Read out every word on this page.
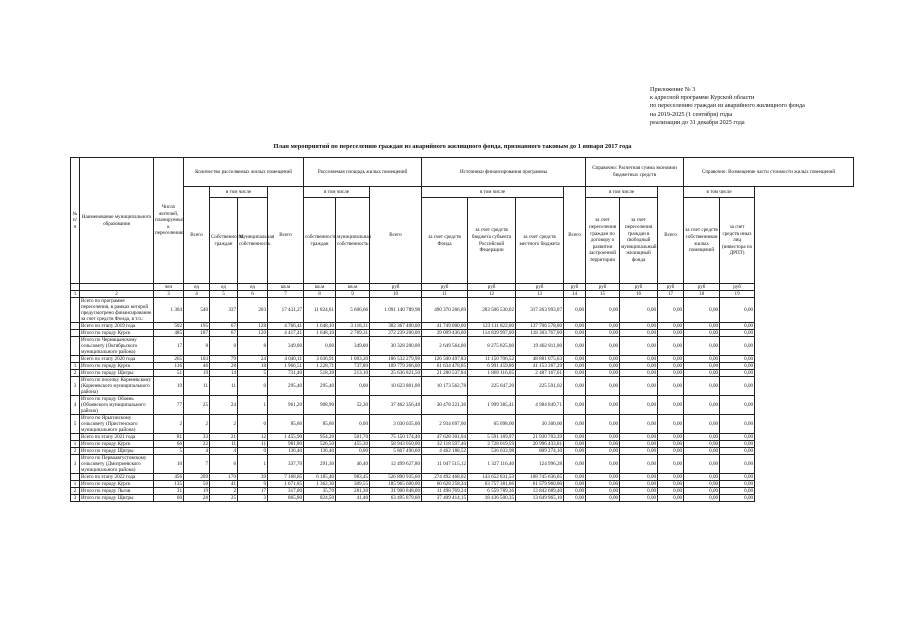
Приложение № 3
к адресной программе Курской области
по переселению граждан из аварийного жилищного фонда
на 2019-2025 (1 сентября) годы
реализации до 31 декабря 2025 года
План мероприятий по переселению граждан из аварийного жилищного фонда, признанного таковым до 1 января 2017 года
№ п/п	Наименование муниципального образования	Число жителей, планируемых к переселению	Количество расселяемых жилых помещений				Расселяемая площадь жилых помещений			Источники финансирования программы				Справочно: Расчетная сумма экономии бюджетных средств			Справочно: Возмещение части стоимости жилых помещений	
			Всего	в том числе		Всего	в том числе		Всего	в том числе			Всего	в том числе		Всего	в том числе	
				Собственность граждан	Муниципальная собственность		собственность граждан	муниципальная собственность		за счет средств Фонда	за счет средств бюджета субъекта Российской Федерации	за счет средств местного бюджета		за счет переселения граждан по договору о развитии застроенной территории	за счет переселения граждан в свободный муниципальный жилищный фонда		за счет средств собственников жилых помещений	за счет средств иных лиц (инвестора по ДРПТ)
		чел	ед	ед	ед	кв.м	кв.м	кв.м	руб	руб	руб	руб	руб	руб	руб	руб	руб	руб
1	2	3	4	5	6	7	8	9	10	11	12	13	14	15	16	17	18	19
	Всего по программе переселения, в рамках которой предусмотрено финансирование за счет средств Фонда, в т.ч.:	1 304	540	337	203	17 431,27	11 824,61	5 606,66	1 091 140 789,98	490 370 266,89	283 506 530,02	317 263 993,07	0,00	0,00	0,00	0,00	0,00	0,00
	Всего по этапу 2019 года	502	195	67	128	4 766,41	1 648,10	3 118,31	302 367 400,00	41 749 000,00	123 111 822,00	137 706 578,00	0,00	0,00	0,00	0,00	0,00	0,00
	Итого по городу Курск	485	187	67	120	4 417,41	1 648,10	2 769,31	272 239 200,00	39 099 436,00	114 839 997,00	118 303 767,00	0,00	0,00	0,00	0,00	0,00	0,00
	Итого по Черницынскому сельсовету (Октябрьского муниципального района)	17	8	0	8	349,00	0,00	349,00	30 328 200,00	2 649 564,00	8 275 825,00	19 402 811,00	0,00	0,00	0,00	0,00	0,00	0,00
	Всего по этапу 2020 года	265	103	79	24	4 040,11	3 036,91	1 003,20	186 532 279,98	126 500 497,83	11 150 706,52	48 881 075,63	0,00	0,00	0,00	0,00	0,00	0,00
1	Итого по городу Курск	116	46	28	18	1 966,51	1 228,71	737,80	109 779 266,00	61 634 478,85	6 991 459,86	41 153 267,29	0,00	0,00	0,00	0,00	0,00	0,00
2	Итого по городу Щигры	51	19	14	5	731,40	518,30	213,10	25 636 821,50	21 280 537,84	1 869 116,05	2 487 167,61	0,00	0,00	0,00	0,00	0,00	0,00
3	Итого по поселку Кореневскому (Кореневского муниципального района)	19	11	11	0	295,40	295,40	0,00	10 623 801,00	10 173 562,78	225 647,20	225 591,02	0,00	0,00	0,00	0,00	0,00	0,00
4	Итого по городу Обоянь (Обоянского муниципального района)	77	25	24	1	961,20	908,90	52,30	37 462 356,48	30 478 221,36	1 999 385,41	4 984 849,71	0,00	0,00	0,00	0,00	0,00	0,00
5	Итого по Ярыгинскому сельсовету (Пристенского муниципального района)	2	2	2	0	85,60	85,60	0,00	3 030 035,00	2 934 697,00	65 098,00	30 300,00	0,00	0,00	0,00	0,00	0,00	0,00
	Всего по этапу 2021 года	81	33	21	12	1 455,90	954,20	501,70	75 150 174,40	47 628 301,04	5 591 169,97	21 930 703,39	0,00	0,00	0,00	0,00	0,00	0,00
1	Итого по городу Курск	66	22	11	11	981,80	526,50	455,30	58 943 050,00	32 118 597,40	3 728 019,59	20 996 433,01	0,00	0,00	0,00	0,00	0,00	0,00
2	Итого по городу Щигры	5	4	4	0	136,40	136,40	0,00	5 807 496,60	4 462 188,52	536 033,98	809 274,10	0,00	0,00	0,00	0,00	0,00	0,00
3	Итого по Первоавгустовскому сельсовету (Дмитриевского муниципального района)	10	7	6	1	337,70	291,30	46,40	12 499 627,80	11 047 515,12	1 327 116,40	124 996,28	0,00	0,00	0,00	0,00	0,00	0,00
	Всего по этапу 2022 года	456	209	170	39	7 168,85	6 185,40	983,45	526 890 935,60	274 492 468,02	143 652 831,53	108 745 636,05	0,00	0,00	0,00	0,00	0,00	0,00
1	Итого по городу Курск	135	50	41	9	1 671,85	1 362,30	309,55	185 965 600,00	60 628 258,34	63 757 381,66	61 579 960,00	0,00	0,00	0,00	0,00	0,00	0,00
2	Итого по городу Льгов	31	19	2	17	317,00	35,70	281,30	31 900 848,00	11 498 769,24	6 559 789,36	13 842 689,40	0,00	0,00	0,00	0,00	0,00	0,00
3	Итого по городу Щигры	60	28	25	3	865,90	824,50	41,40	63 495 879,60	37 409 414,15	18 436 500,35	13 649 965,10	0,00	0,00	0,00	0,00	0,00	0,00
